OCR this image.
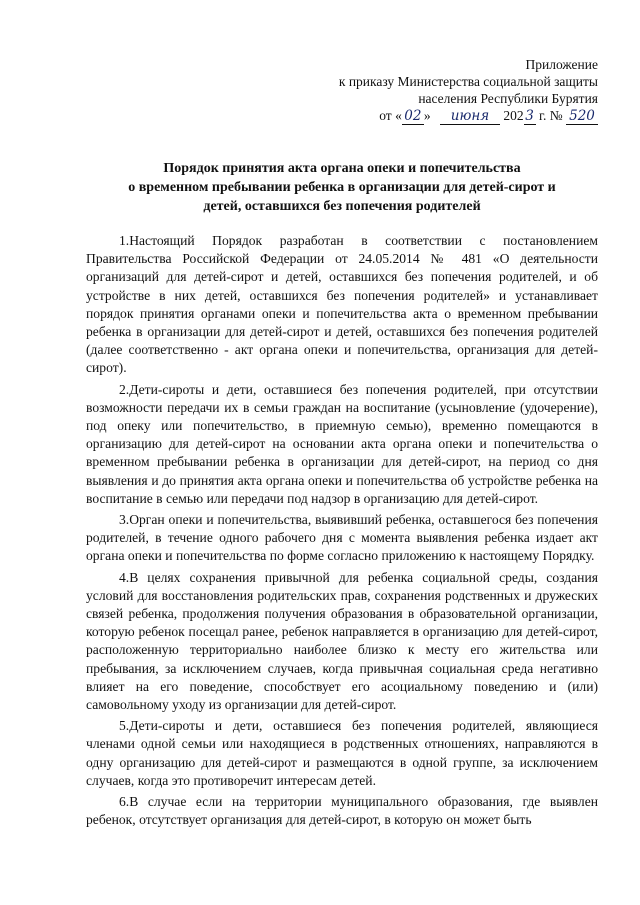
Приложение
к приказу Министерства социальной защиты
населения Республики Бурятия
от « 02 » июня 202 3 г. № 520
Порядок принятия акта органа опеки и попечительства
о временном пребывании ребенка в организации для детей-сирот и
детей, оставшихся без попечения родителей

1.Настоящий Порядок разработан в соответствии с постановлением Правительства Российской Федерации от 24.05.2014 № 481 «О деятельности организаций для детей-сирот и детей, оставшихся без попечения родителей, и об устройстве в них детей, оставшихся без попечения родителей» и устанавливает порядок принятия органами опеки и попечительства акта о временном пребывании ребенка в организации для детей-сирот и детей, оставшихся без попечения родителей (далее соответственно - акт органа опеки и попечительства, организация для детей-сирот).

2.Дети-сироты и дети, оставшиеся без попечения родителей, при отсутствии возможности передачи их в семьи граждан на воспитание (усыновление (удочерение), под опеку или попечительство, в приемную семью), временно помещаются в организацию для детей-сирот на основании акта органа опеки и попечительства о временном пребывании ребенка в организации для детей-сирот, на период со дня выявления и до принятия акта органа опеки и попечительства об устройстве ребенка на воспитание в семью или передачи под надзор в организацию для детей-сирот.

3.Орган опеки и попечительства, выявивший ребенка, оставшегося без попечения родителей, в течение одного рабочего дня с момента выявления ребенка издает акт органа опеки и попечительства по форме согласно приложению к настоящему Порядку.

4.В целях сохранения привычной для ребенка социальной среды, создания условий для восстановления родительских прав, сохранения родственных и дружеских связей ребенка, продолжения получения образования в образовательной организации, которую ребенок посещал ранее, ребенок направляется в организацию для детей-сирот, расположенную территориально наиболее близко к месту его жительства или пребывания, за исключением случаев, когда привычная социальная среда негативно влияет на его поведение, способствует его асоциальному поведению и (или) самовольному уходу из организации для детей-сирот.

5.Дети-сироты и дети, оставшиеся без попечения родителей, являющиеся членами одной семьи или находящиеся в родственных отношениях, направляются в одну организацию для детей-сирот и размещаются в одной группе, за исключением случаев, когда это противоречит интересам детей.

6.В случае если на территории муниципального образования, где выявлен ребенок, отсутствует организация для детей-сирот, в которую он может быть
